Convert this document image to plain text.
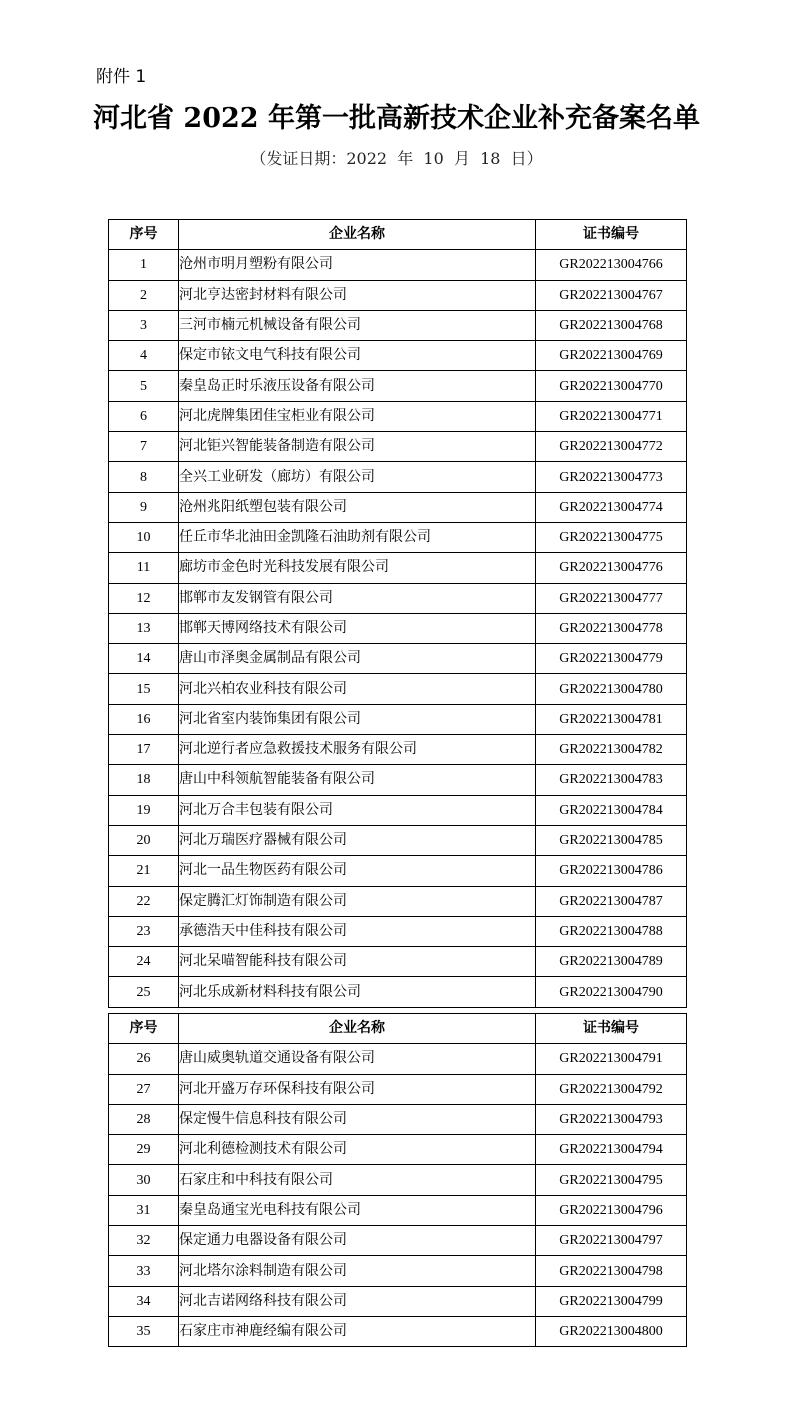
附件 1
河北省 2022 年第一批高新技术企业补充备案名单
（发证日期：2022  年  10  月  18  日）
序号	企业名称	证书编号
1	沧州市明月塑粉有限公司	GR202213004766
2	河北亨达密封材料有限公司	GR202213004767
3	三河市楠元机械设备有限公司	GR202213004768
4	保定市铱文电气科技有限公司	GR202213004769
5	秦皇岛正时乐液压设备有限公司	GR202213004770
6	河北虎牌集团佳宝柜业有限公司	GR202213004771
7	河北钜兴智能装备制造有限公司	GR202213004772
8	全兴工业研发（廊坊）有限公司	GR202213004773
9	沧州兆阳纸塑包装有限公司	GR202213004774
10	任丘市华北油田金凯隆石油助剂有限公司	GR202213004775
11	廊坊市金色时光科技发展有限公司	GR202213004776
12	邯郸市友发钢管有限公司	GR202213004777
13	邯郸天博网络技术有限公司	GR202213004778
14	唐山市泽奥金属制品有限公司	GR202213004779
15	河北兴柏农业科技有限公司	GR202213004780
16	河北省室内装饰集团有限公司	GR202213004781
17	河北逆行者应急救援技术服务有限公司	GR202213004782
18	唐山中科领航智能装备有限公司	GR202213004783
19	河北万合丰包装有限公司	GR202213004784
20	河北万瑞医疗器械有限公司	GR202213004785
21	河北一品生物医药有限公司	GR202213004786
22	保定腾汇灯饰制造有限公司	GR202213004787
23	承德浩天中佳科技有限公司	GR202213004788
24	河北呆喵智能科技有限公司	GR202213004789
25	河北乐成新材料科技有限公司	GR202213004790
序号	企业名称	证书编号
26	唐山威奥轨道交通设备有限公司	GR202213004791
27	河北开盛万存环保科技有限公司	GR202213004792
28	保定慢牛信息科技有限公司	GR202213004793
29	河北利德检测技术有限公司	GR202213004794
30	石家庄和中科技有限公司	GR202213004795
31	秦皇岛通宝光电科技有限公司	GR202213004796
32	保定通力电器设备有限公司	GR202213004797
33	河北塔尔涂料制造有限公司	GR202213004798
34	河北吉诺网络科技有限公司	GR202213004799
35	石家庄市神鹿经编有限公司	GR202213004800
